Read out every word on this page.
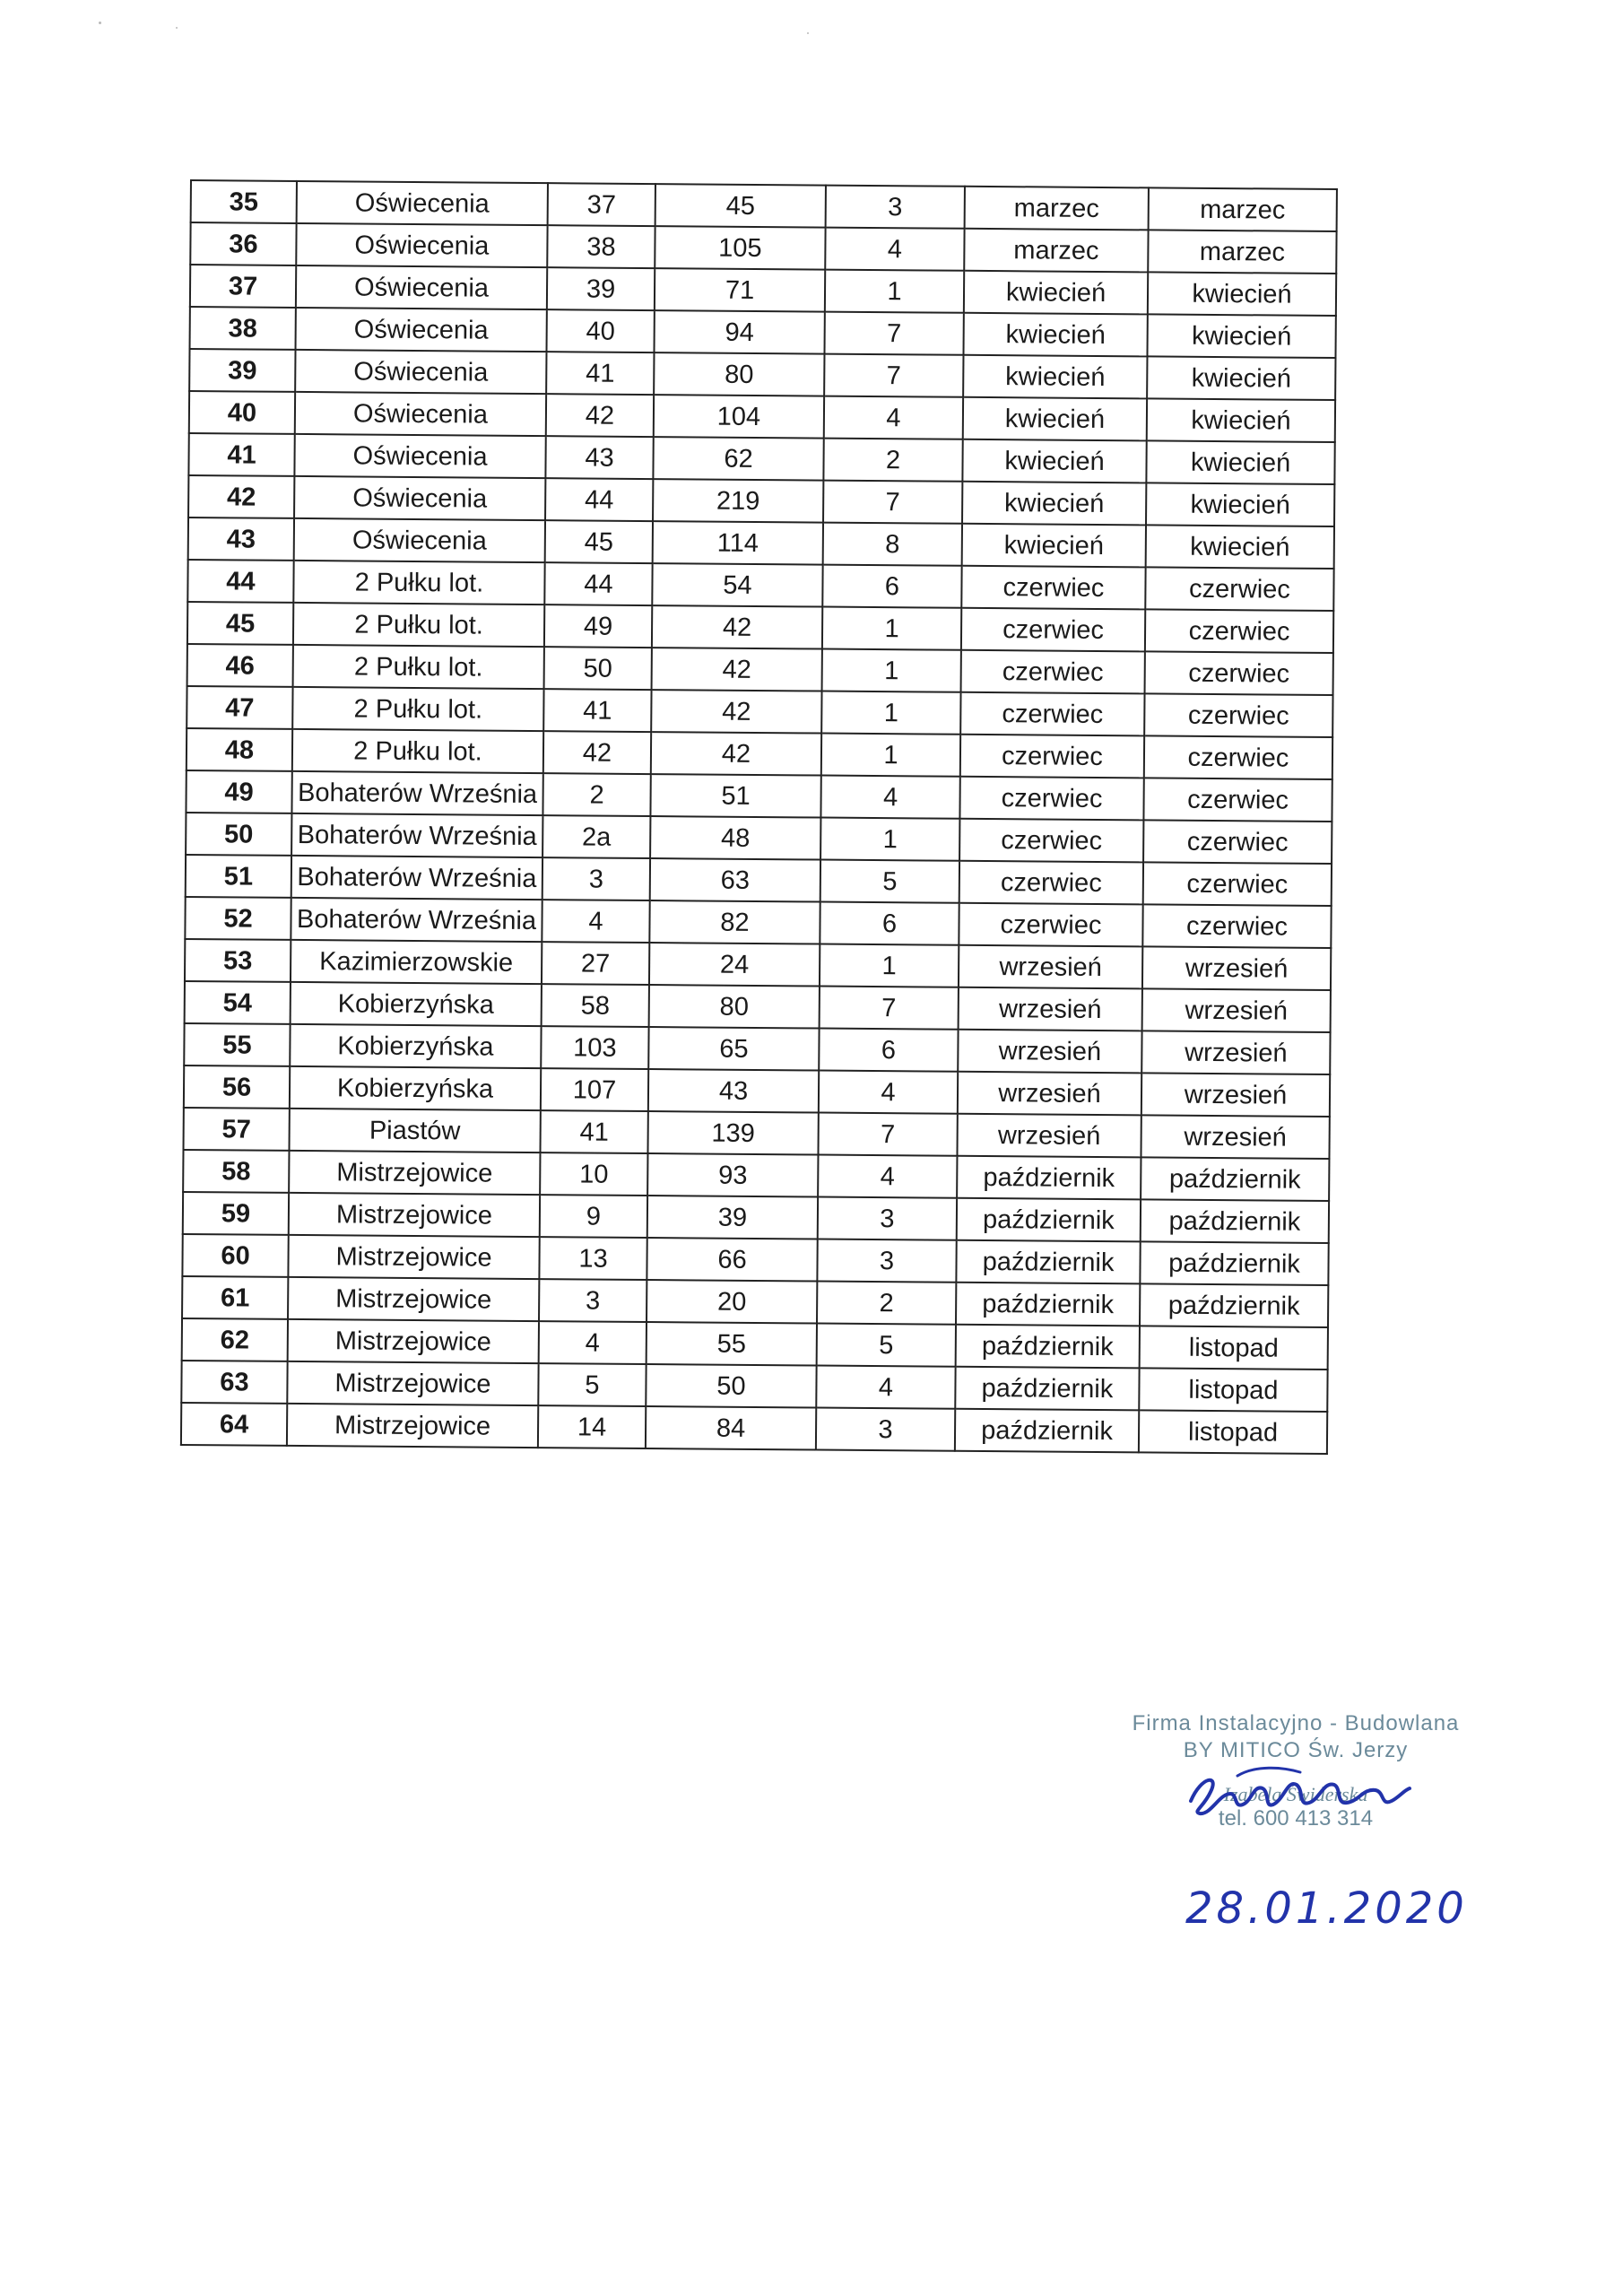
35	Oświecenia	37	45	3	marzec	marzec
36	Oświecenia	38	105	4	marzec	marzec
37	Oświecenia	39	71	1	kwiecień	kwiecień
38	Oświecenia	40	94	7	kwiecień	kwiecień
39	Oświecenia	41	80	7	kwiecień	kwiecień
40	Oświecenia	42	104	4	kwiecień	kwiecień
41	Oświecenia	43	62	2	kwiecień	kwiecień
42	Oświecenia	44	219	7	kwiecień	kwiecień
43	Oświecenia	45	114	8	kwiecień	kwiecień
44	2 Pułku lot.	44	54	6	czerwiec	czerwiec
45	2 Pułku lot.	49	42	1	czerwiec	czerwiec
46	2 Pułku lot.	50	42	1	czerwiec	czerwiec
47	2 Pułku lot.	41	42	1	czerwiec	czerwiec
48	2 Pułku lot.	42	42	1	czerwiec	czerwiec
49	Bohaterów Września	2	51	4	czerwiec	czerwiec
50	Bohaterów Września	2a	48	1	czerwiec	czerwiec
51	Bohaterów Września	3	63	5	czerwiec	czerwiec
52	Bohaterów Września	4	82	6	czerwiec	czerwiec
53	Kazimierzowskie	27	24	1	wrzesień	wrzesień
54	Kobierzyńska	58	80	7	wrzesień	wrzesień
55	Kobierzyńska	103	65	6	wrzesień	wrzesień
56	Kobierzyńska	107	43	4	wrzesień	wrzesień
57	Piastów	41	139	7	wrzesień	wrzesień
58	Mistrzejowice	10	93	4	październik	październik
59	Mistrzejowice	9	39	3	październik	październik
60	Mistrzejowice	13	66	3	październik	październik
61	Mistrzejowice	3	20	2	październik	październik
62	Mistrzejowice	4	55	5	październik	listopad
63	Mistrzejowice	5	50	4	październik	listopad
64	Mistrzejowice	14	84	3	październik	listopad
Firma Instalacyjno - Budowlana
BY MITICO Św. Jerzy
Izabela Świderska
tel. 600 413 314
28.01.2020
